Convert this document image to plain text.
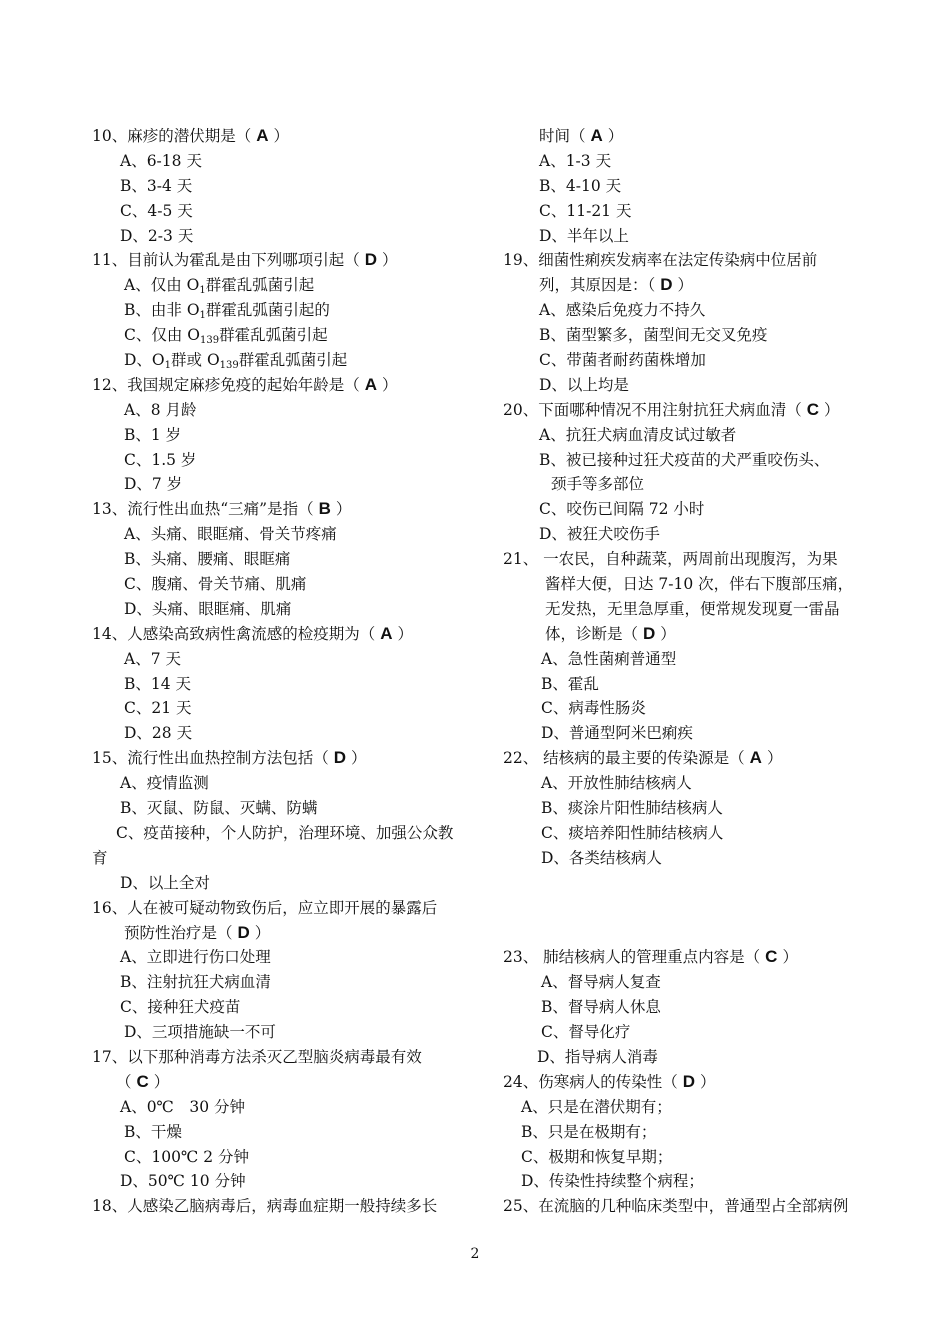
10、麻疹的潜伏期是（ A ）
A、6-18 天
B、3-4 天
C、4-5 天
D、2-3 天
11、目前认为霍乱是由下列哪项引起（ D ）
A、仅由 $O_1$群霍乱弧菌引起
B、由非 $O_1$群霍乱弧菌引起的
C、仅由 $O_{139}$群霍乱弧菌引起
D、$O_1$群或 $O_{139}$群霍乱弧菌引起
12、我国规定麻疹免疫的起始年龄是（ A ）
A、8 月龄
B、1 岁
C、1.5 岁
D、7 岁
13、流行性出血热“三痛”是指（ B ）
A、头痛、眼眶痛、骨关节疼痛
B、头痛、腰痛、眼眶痛
C、腹痛、骨关节痛、肌痛
D、头痛、眼眶痛、肌痛
14、人感染高致病性禽流感的检疫期为（ A ）
A、7 天
B、14 天
C、21 天
D、28 天
15、流行性出血热控制方法包括（ D ）
A、疫情监测
B、灭鼠、防鼠、灭螨、防螨
C、疫苗接种，个人防护，治理环境、加强公众教
育
D、以上全对
16、人在被可疑动物致伤后，应立即开展的暴露后
预防性治疗是（ D ）
A、立即进行伤口处理
B、注射抗狂犬病血清
C、接种狂犬疫苗
D、三项措施缺一不可
17、以下那种消毒方法杀灭乙型脑炎病毒最有效
（ C ）
A、0℃　30 分钟
B、干燥
C、100℃ 2 分钟
D、50℃ 10 分钟
18、人感染乙脑病毒后，病毒血症期一般持续多长
时间（ A ）
A、1-3 天
B、4-10 天
C、11-21 天
D、半年以上
19、细菌性痢疾发病率在法定传染病中位居前
列，其原因是：（ D ）
A、感染后免疫力不持久
B、菌型繁多，菌型间无交叉免疫
C、带菌者耐药菌株增加
D、以上均是
20、下面哪种情况不用注射抗狂犬病血清（ C ）
A、抗狂犬病血清皮试过敏者
B、被已接种过狂犬疫苗的犬严重咬伤头、
颈手等多部位
C、咬伤已间隔 72 小时
D、被狂犬咬伤手
21、 一农民，自种蔬菜，两周前出现腹泻，为果
酱样大便，日达 7-10 次，伴右下腹部压痛，
无发热，无里急厚重，便常规发现夏一雷晶
体，诊断是（ D ）
A、急性菌痢普通型
B、霍乱
C、病毒性肠炎
D、普通型阿米巴痢疾
22、 结核病的最主要的传染源是（ A ）
A、开放性肺结核病人
B、痰涂片阳性肺结核病人
C、痰培养阳性肺结核病人
D、各类结核病人
23、 肺结核病人的管理重点内容是（ C ）
A、督导病人复查
B、督导病人休息
C、督导化疗
D、指导病人消毒
24、伤寒病人的传染性（ D ）
A、只是在潜伏期有；
B、只是在极期有；
C、极期和恢复早期；
D、传染性持续整个病程；
25、在流脑的几种临床类型中，普通型占全部病例
2
